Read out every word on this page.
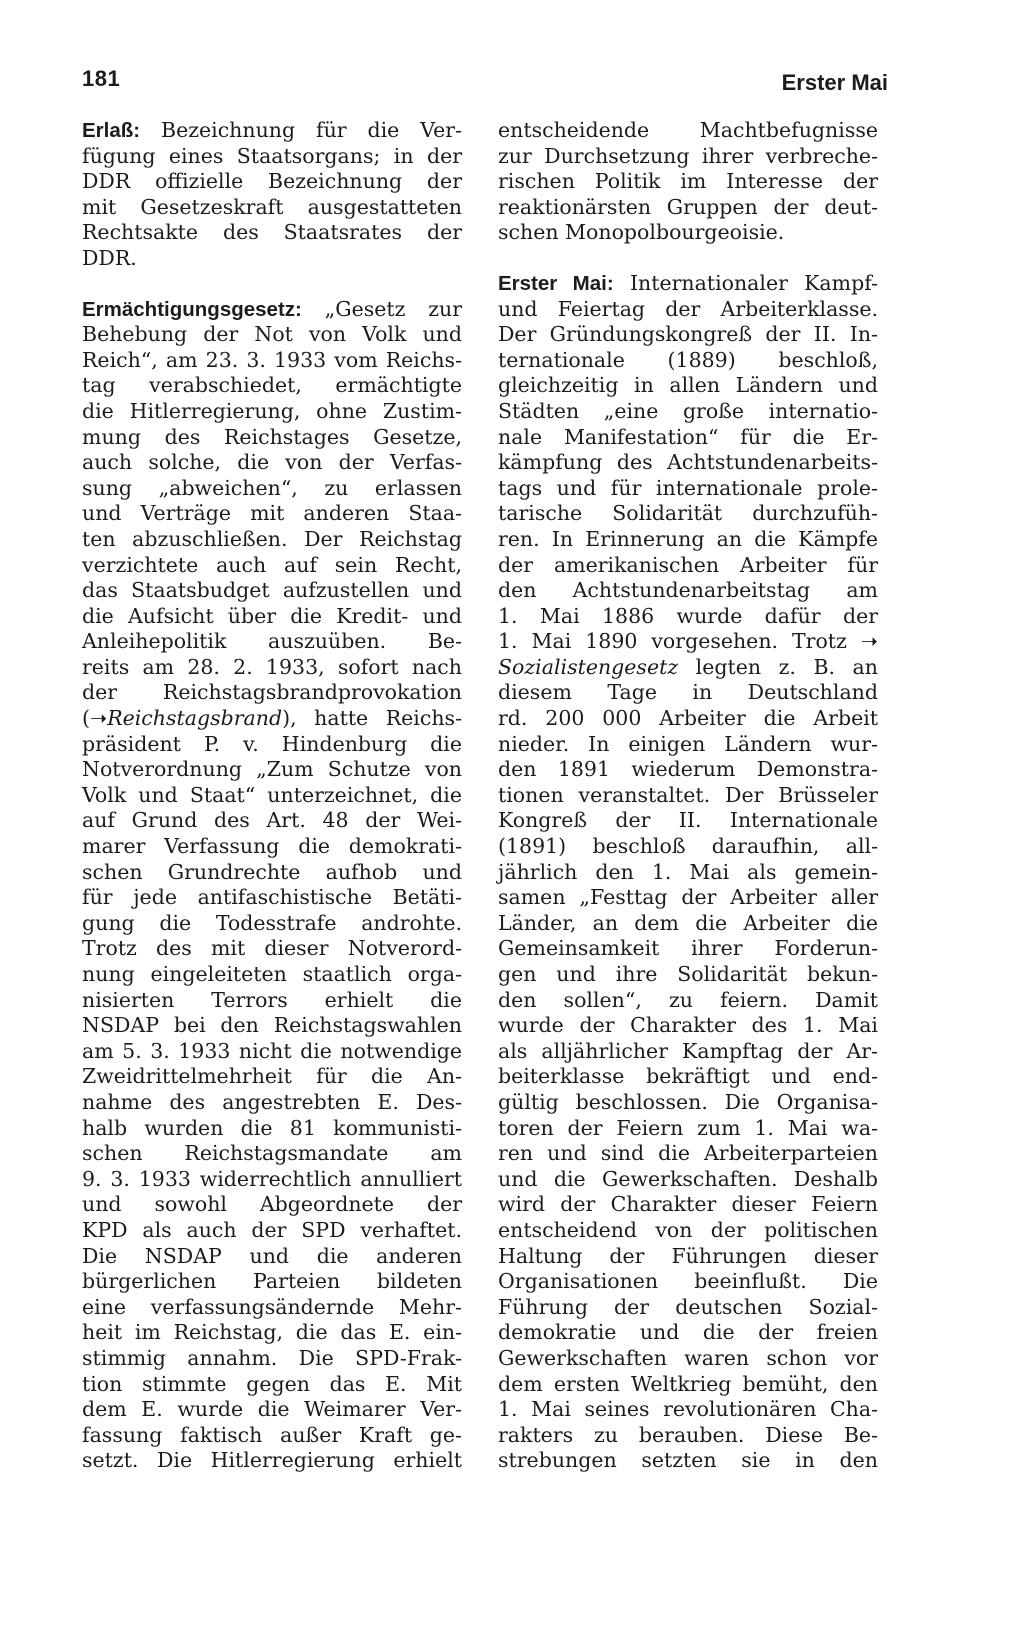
181	Erster Mai
Erlaß: Bezeichnung für die Ver-
fügung eines Staatsorgans; in der
DDR offizielle Bezeichnung der
mit Gesetzeskraft ausgestatteten
Rechtsakte des Staatsrates der
DDR.
Ermächtigungsgesetz: „Gesetz zur
Behebung der Not von Volk und
Reich“, am 23. 3. 1933 vom Reichs-
tag verabschiedet, ermächtigte
die Hitlerregierung, ohne Zustim-
mung des Reichstages Gesetze,
auch solche, die von der Verfas-
sung „abweichen“, zu erlassen
und Verträge mit anderen Staa-
ten abzuschließen. Der Reichstag
verzichtete auch auf sein Recht,
das Staatsbudget aufzustellen und
die Aufsicht über die Kredit- und
Anleihepolitik auszuüben. Be-
reits am 28. 2. 1933, sofort nach
der Reichstagsbrandprovokation
(➝Reichstagsbrand), hatte Reichs-
präsident P. v. Hindenburg die
Notverordnung „Zum Schutze von
Volk und Staat“ unterzeichnet, die
auf Grund des Art. 48 der Wei-
marer Verfassung die demokrati-
schen Grundrechte aufhob und
für jede antifaschistische Betäti-
gung die Todesstrafe androhte.
Trotz des mit dieser Notverord-
nung eingeleiteten staatlich orga-
nisierten Terrors erhielt die
NSDAP bei den Reichstagswahlen
am 5. 3. 1933 nicht die notwendige
Zweidrittelmehrheit für die An-
nahme des angestrebten E. Des-
halb wurden die 81 kommunisti-
schen Reichstagsmandate am
9. 3. 1933 widerrechtlich annulliert
und sowohl Abgeordnete der
KPD als auch der SPD verhaftet.
Die NSDAP und die anderen
bürgerlichen Parteien bildeten
eine verfassungsändernde Mehr-
heit im Reichstag, die das E. ein-
stimmig annahm. Die SPD-Frak-
tion stimmte gegen das E. Mit
dem E. wurde die Weimarer Ver-
fassung faktisch außer Kraft ge-
setzt. Die Hitlerregierung erhielt
entscheidende Machtbefugnisse
zur Durchsetzung ihrer verbreche-
rischen Politik im Interesse der
reaktionärsten Gruppen der deut-
schen Monopolbourgeoisie.
Erster Mai: Internationaler Kampf-
und Feiertag der Arbeiterklasse.
Der Gründungskongreß der II. In-
ternationale (1889) beschloß,
gleichzeitig in allen Ländern und
Städten „eine große internatio-
nale Manifestation“ für die Er-
kämpfung des Achtstundenarbeits-
tags und für internationale prole-
tarische Solidarität durchzufüh-
ren. In Erinnerung an die Kämpfe
der amerikanischen Arbeiter für
den Achtstundenarbeitstag am
1. Mai 1886 wurde dafür der
1. Mai 1890 vorgesehen. Trotz ➝
Sozialistengesetz legten z. B. an
diesem Tage in Deutschland
rd. 200 000 Arbeiter die Arbeit
nieder. In einigen Ländern wur-
den 1891 wiederum Demonstra-
tionen veranstaltet. Der Brüsseler
Kongreß der II. Internationale
(1891) beschloß daraufhin, all-
jährlich den 1. Mai als gemein-
samen „Festtag der Arbeiter aller
Länder, an dem die Arbeiter die
Gemeinsamkeit ihrer Forderun-
gen und ihre Solidarität bekun-
den sollen“, zu feiern. Damit
wurde der Charakter des 1. Mai
als alljährlicher Kampftag der Ar-
beiterklasse bekräftigt und end-
gültig beschlossen. Die Organisa-
toren der Feiern zum 1. Mai wa-
ren und sind die Arbeiterparteien
und die Gewerkschaften. Deshalb
wird der Charakter dieser Feiern
entscheidend von der politischen
Haltung der Führungen dieser
Organisationen beeinflußt. Die
Führung der deutschen Sozial-
demokratie und die der freien
Gewerkschaften waren schon vor
dem ersten Weltkrieg bemüht, den
1. Mai seines revolutionären Cha-
rakters zu berauben. Diese Be-
strebungen setzten sie in den
